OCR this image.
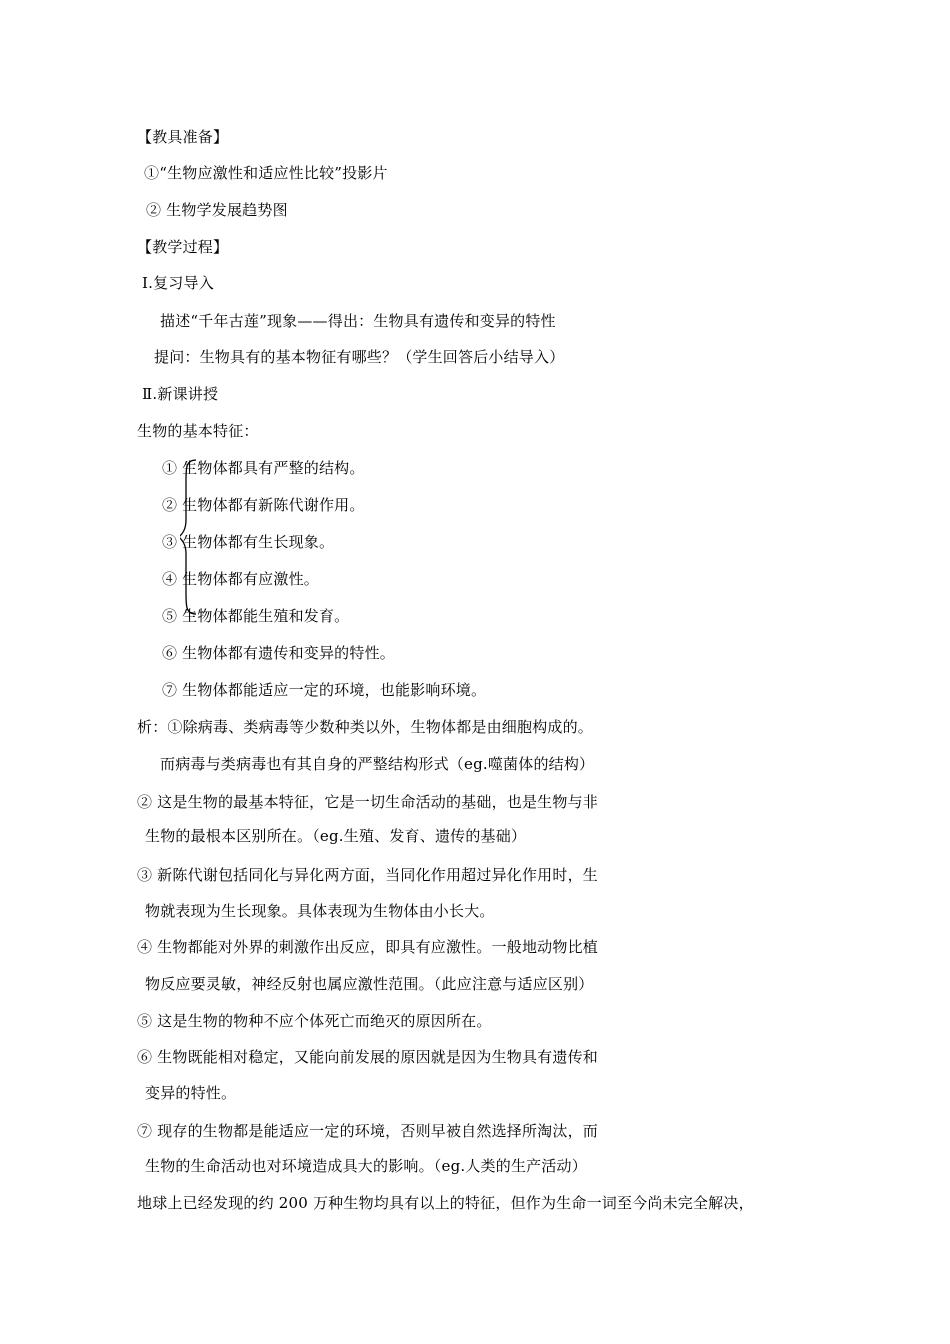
【教具准备】
①“生物应激性和适应性比较”投影片
② 生物学发展趋势图
【教学过程】
Ⅰ.复习导入
描述“千年古莲”现象——得出：生物具有遗传和变异的特性
提问：生物具有的基本物征有哪些？（学生回答后小结导入）
Ⅱ.新课讲授
生物的基本特征：
① 生物体都具有严整的结构。
② 生物体都有新陈代谢作用。
③ 生物体都有生长现象。
④ 生物体都有应激性。
⑤ 生物体都能生殖和发育。
⑥ 生物体都有遗传和变异的特性。
⑦ 生物体都能适应一定的环境，也能影响环境。
析：①除病毒、类病毒等少数种类以外，生物体都是由细胞构成的。
而病毒与类病毒也有其自身的严整结构形式（eg.噬菌体的结构）
② 这是生物的最基本特征，它是一切生命活动的基础，也是生物与非
生物的最根本区别所在。（eg.生殖、发育、遗传的基础）
③ 新陈代谢包括同化与异化两方面，当同化作用超过异化作用时，生
物就表现为生长现象。具体表现为生物体由小长大。
④ 生物都能对外界的刺激作出反应，即具有应激性。一般地动物比植
物反应要灵敏，神经反射也属应激性范围。（此应注意与适应区别）
⑤ 这是生物的物种不应个体死亡而绝灭的原因所在。
⑥ 生物既能相对稳定，又能向前发展的原因就是因为生物具有遗传和
变异的特性。
⑦ 现存的生物都是能适应一定的环境，否则早被自然选择所淘汰，而
生物的生命活动也对环境造成具大的影响。（eg.人类的生产活动）
地球上已经发现的约 200 万种生物均具有以上的特征，但作为生命一词至今尚未完全解决，
